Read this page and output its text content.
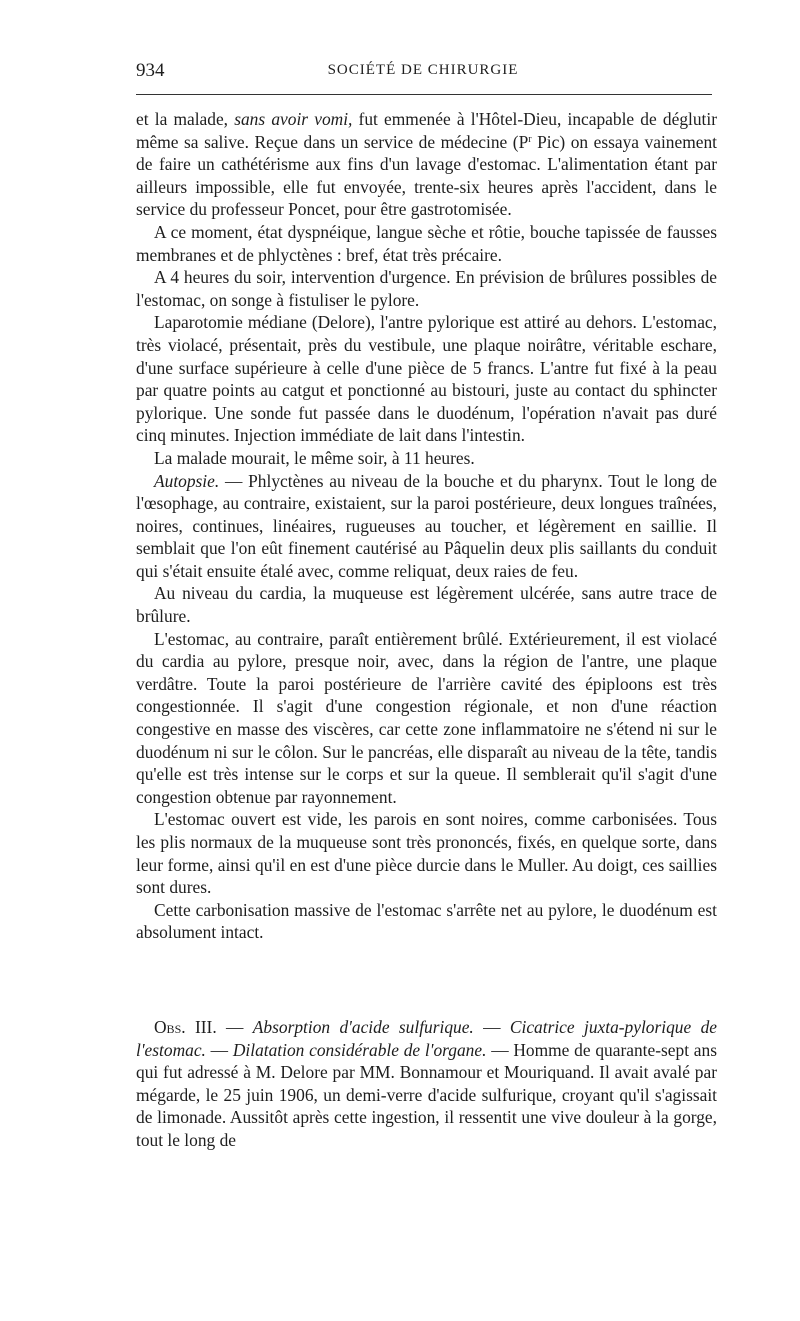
934	SOCIÉTÉ DE CHIRURGIE

et la malade, sans avoir vomi, fut emmenée à l'Hôtel-Dieu, incapable de déglutir même sa salive. Reçue dans un service de médecine ($P^r$ Pic) on essaya vainement de faire un cathétérisme aux fins d'un lavage d'estomac. L'alimentation étant par ailleurs impossible, elle fut envoyée, trente-six heures après l'accident, dans le service du professeur Poncet, pour être gastrotomisée.

A ce moment, état dyspnéique, langue sèche et rôtie, bouche tapissée de fausses membranes et de phlyctènes : bref, état très précaire.

A 4 heures du soir, intervention d'urgence. En prévision de brûlures possibles de l'estomac, on songe à fistuliser le pylore.

Laparotomie médiane (Delore), l'antre pylorique est attiré au dehors. L'estomac, très violacé, présentait, près du vestibule, une plaque noirâtre, véritable eschare, d'une surface supérieure à celle d'une pièce de 5 francs. L'antre fut fixé à la peau par quatre points au catgut et ponctionné au bistouri, juste au contact du sphincter pylorique. Une sonde fut passée dans le duodénum, l'opération n'avait pas duré cinq minutes. Injection immédiate de lait dans l'intestin.

La malade mourait, le même soir, à 11 heures.

Autopsie. — Phlyctènes au niveau de la bouche et du pharynx. Tout le long de l'œsophage, au contraire, existaient, sur la paroi postérieure, deux longues traînées, noires, continues, linéaires, rugueuses au toucher, et légèrement en saillie. Il semblait que l'on eût finement cautérisé au Pâquelin deux plis saillants du conduit qui s'était ensuite étalé avec, comme reliquat, deux raies de feu.

Au niveau du cardia, la muqueuse est légèrement ulcérée, sans autre trace de brûlure.

L'estomac, au contraire, paraît entièrement brûlé. Extérieurement, il est violacé du cardia au pylore, presque noir, avec, dans la région de l'antre, une plaque verdâtre. Toute la paroi postérieure de l'arrière cavité des épiploons est très congestionnée. Il s'agit d'une congestion régionale, et non d'une réaction congestive en masse des viscères, car cette zone inflammatoire ne s'étend ni sur le duodénum ni sur le côlon. Sur le pancréas, elle disparaît au niveau de la tête, tandis qu'elle est très intense sur le corps et sur la queue. Il semblerait qu'il s'agit d'une congestion obtenue par rayonnement.

L'estomac ouvert est vide, les parois en sont noires, comme carbonisées. Tous les plis normaux de la muqueuse sont très prononcés, fixés, en quelque sorte, dans leur forme, ainsi qu'il en est d'une pièce durcie dans le Muller. Au doigt, ces saillies sont dures.

Cette carbonisation massive de l'estomac s'arrête net au pylore, le duodénum est absolument intact.

Obs. III. — Absorption d'acide sulfurique. — Cicatrice juxta-pylorique de l'estomac. — Dilatation considérable de l'organe. — Homme de quarante-sept ans qui fut adressé à M. Delore par MM. Bonnamour et Mouriquand. Il avait avalé par mégarde, le 25 juin 1906, un demi-verre d'acide sulfurique, croyant qu'il s'agissait de limonade. Aussitôt après cette ingestion, il ressentit une vive douleur à la gorge, tout le long de
